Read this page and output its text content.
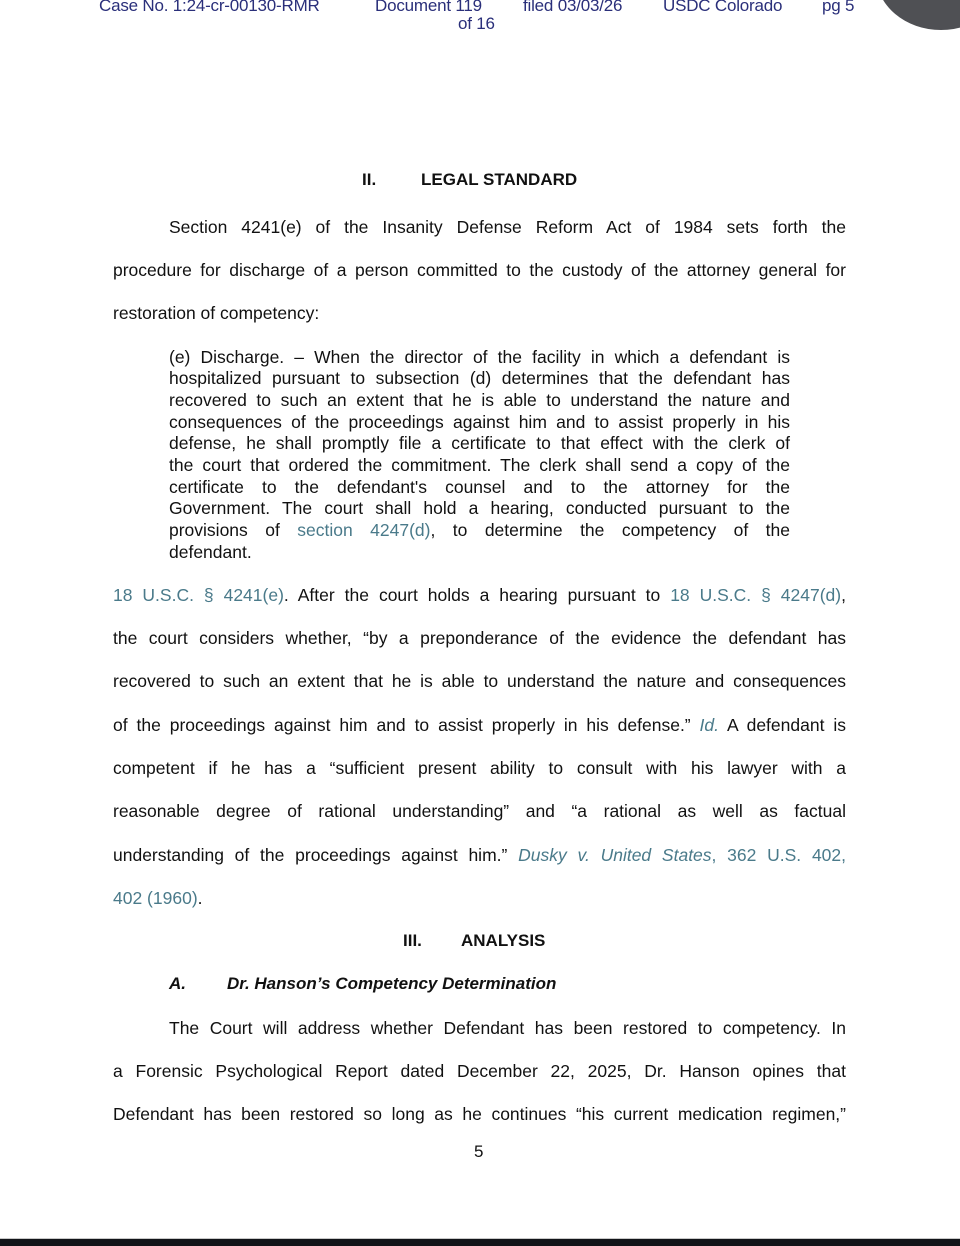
Case No. 1:24-cr-00130-RMR	Document 119
of 16
filed 03/03/26 USDC Colorado pg 5
II.	LEGAL STANDARD
Section 4241(e) of the Insanity Defense Reform Act of 1984 sets forth the
procedure for discharge of a person committed to the custody of the attorney general for
restoration of competency:
(e) Discharge. – When the director of the facility in which a defendant is
hospitalized pursuant to subsection (d) determines that the defendant has
recovered to such an extent that he is able to understand the nature and
consequences of the proceedings against him and to assist properly in his
defense, he shall promptly file a certificate to that effect with the clerk of
the court that ordered the commitment. The clerk shall send a copy of the
certificate to the defendant's counsel and to the attorney for the
Government. The court shall hold a hearing, conducted pursuant to the
provisions of section 4247(d), to determine the competency of the
defendant.
18 U.S.C. § 4241(e). After the court holds a hearing pursuant to 18 U.S.C. § 4247(d),
the court considers whether, “by a preponderance of the evidence the defendant has
recovered to such an extent that he is able to understand the nature and consequences
of the proceedings against him and to assist properly in his defense.” Id. A defendant is
competent if he has a “sufficient present ability to consult with his lawyer with a
reasonable degree of rational understanding” and “a rational as well as factual
understanding of the proceedings against him.” Dusky v. United States, 362 U.S. 402,
402 (1960).
III. ANALYSIS
A. Dr. Hanson’s Competency Determination
The Court will address whether Defendant has been restored to competency. In
a Forensic Psychological Report dated December 22, 2025, Dr. Hanson opines that
Defendant has been restored so long as he continues “his current medication regimen,”
5
